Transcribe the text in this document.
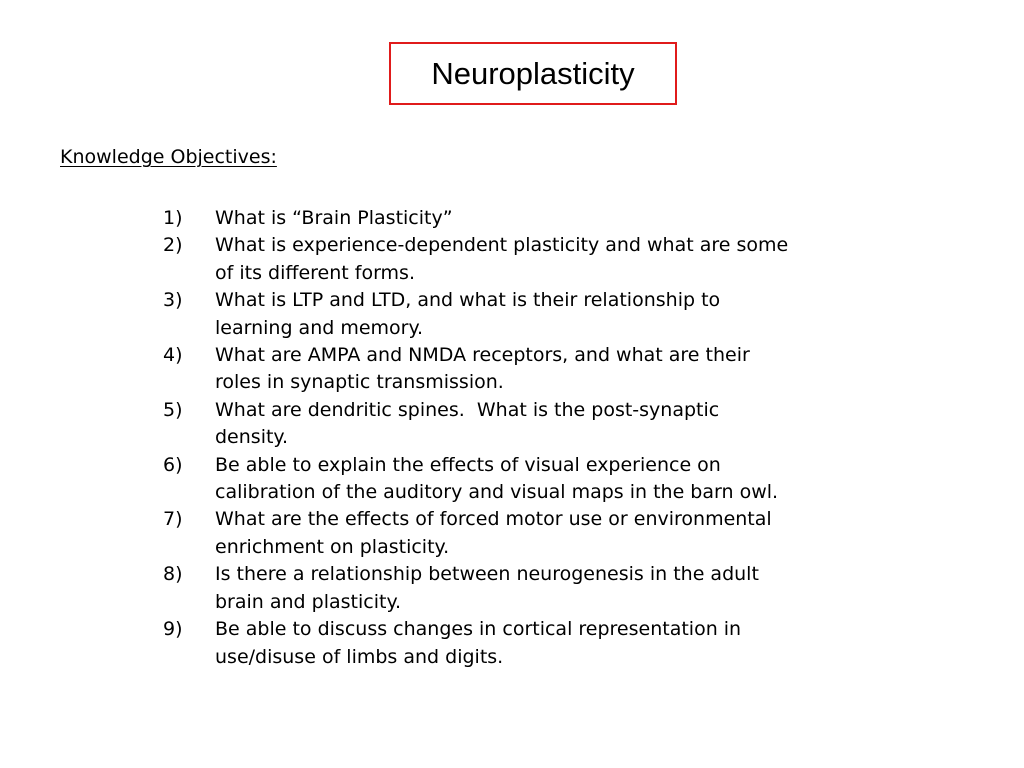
Neuroplasticity
Knowledge Objectives:
1)	What is “Brain Plasticity”
2)	What is experience-dependent plasticity and what are some
of its different forms.
3)	What is LTP and LTD, and what is their relationship to
learning and memory.
4)	What are AMPA and NMDA receptors, and what are their
roles in synaptic transmission.
5)	What are dendritic spines.  What is the post-synaptic
density.
6)	Be able to explain the effects of visual experience on
calibration of the auditory and visual maps in the barn owl.
7)	What are the effects of forced motor use or environmental
enrichment on plasticity.
8)	Is there a relationship between neurogenesis in the adult
brain and plasticity.
9)	Be able to discuss changes in cortical representation in
use/disuse of limbs and digits.
